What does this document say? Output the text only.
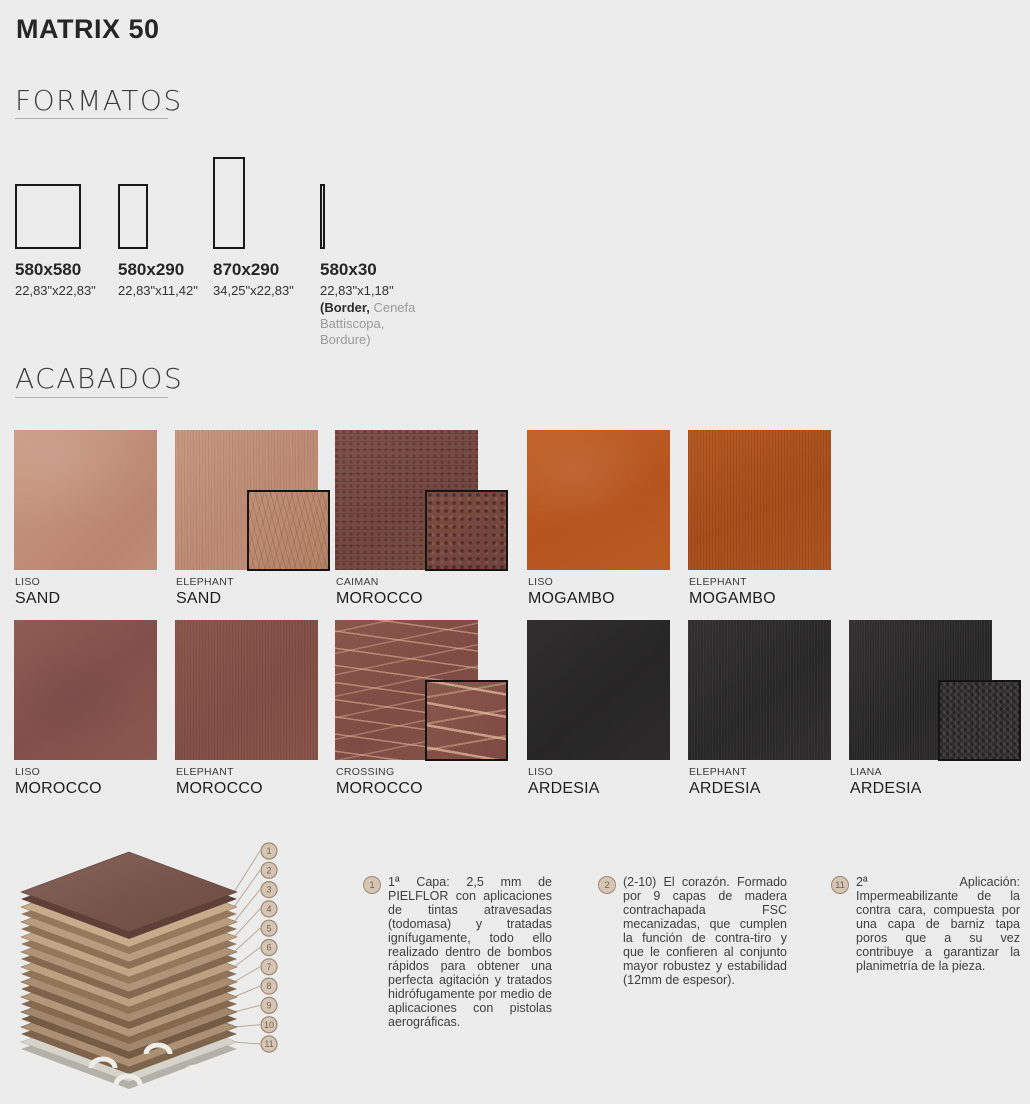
MATRIX 50
FORMATOS
580x580
22,83"x22,83"
580x290
22,83"x11,42"
870x290
34,25"x22,83"
580x30
22,83"x1,18"
(Border, Cenefa
Battiscopa, Bordure)
ACABADOS
LISO
SAND
ELEPHANT
SAND
CAIMAN
MOROCCO
LISO
MOGAMBO
ELEPHANT
MOGAMBO
LISO
MOROCCO
ELEPHANT
MOROCCO
CROSSING
MOROCCO
LISO
ARDESIA
ELEPHANT
ARDESIA
LIANA
ARDESIA
1
2
3
4
5
6
7
8
9
10
11
1	1ª Capa: 2,5 mm de PIELFLOR con aplicaciones de tintas atravesadas (todomasa) y tratadas ignífugamente, todo ello realizado dentro de bombos rápidos para obtener una perfecta agitación y tratados hidrófugamente por medio de aplicaciones con pistolas aerográficas.

2	(2-10) El corazón. Formado por 9 capas de madera contrachapada FSC mecanizadas, que cumplen la función de contra-tiro y que le confieren al conjunto mayor robustez y estabilidad (12mm de espesor).

11 2ª Aplicación: Impermeabilizante de la contra cara, compuesta por una capa de barniz tapa poros que a su vez contribuye a garantizar la planimetría de la pieza.
